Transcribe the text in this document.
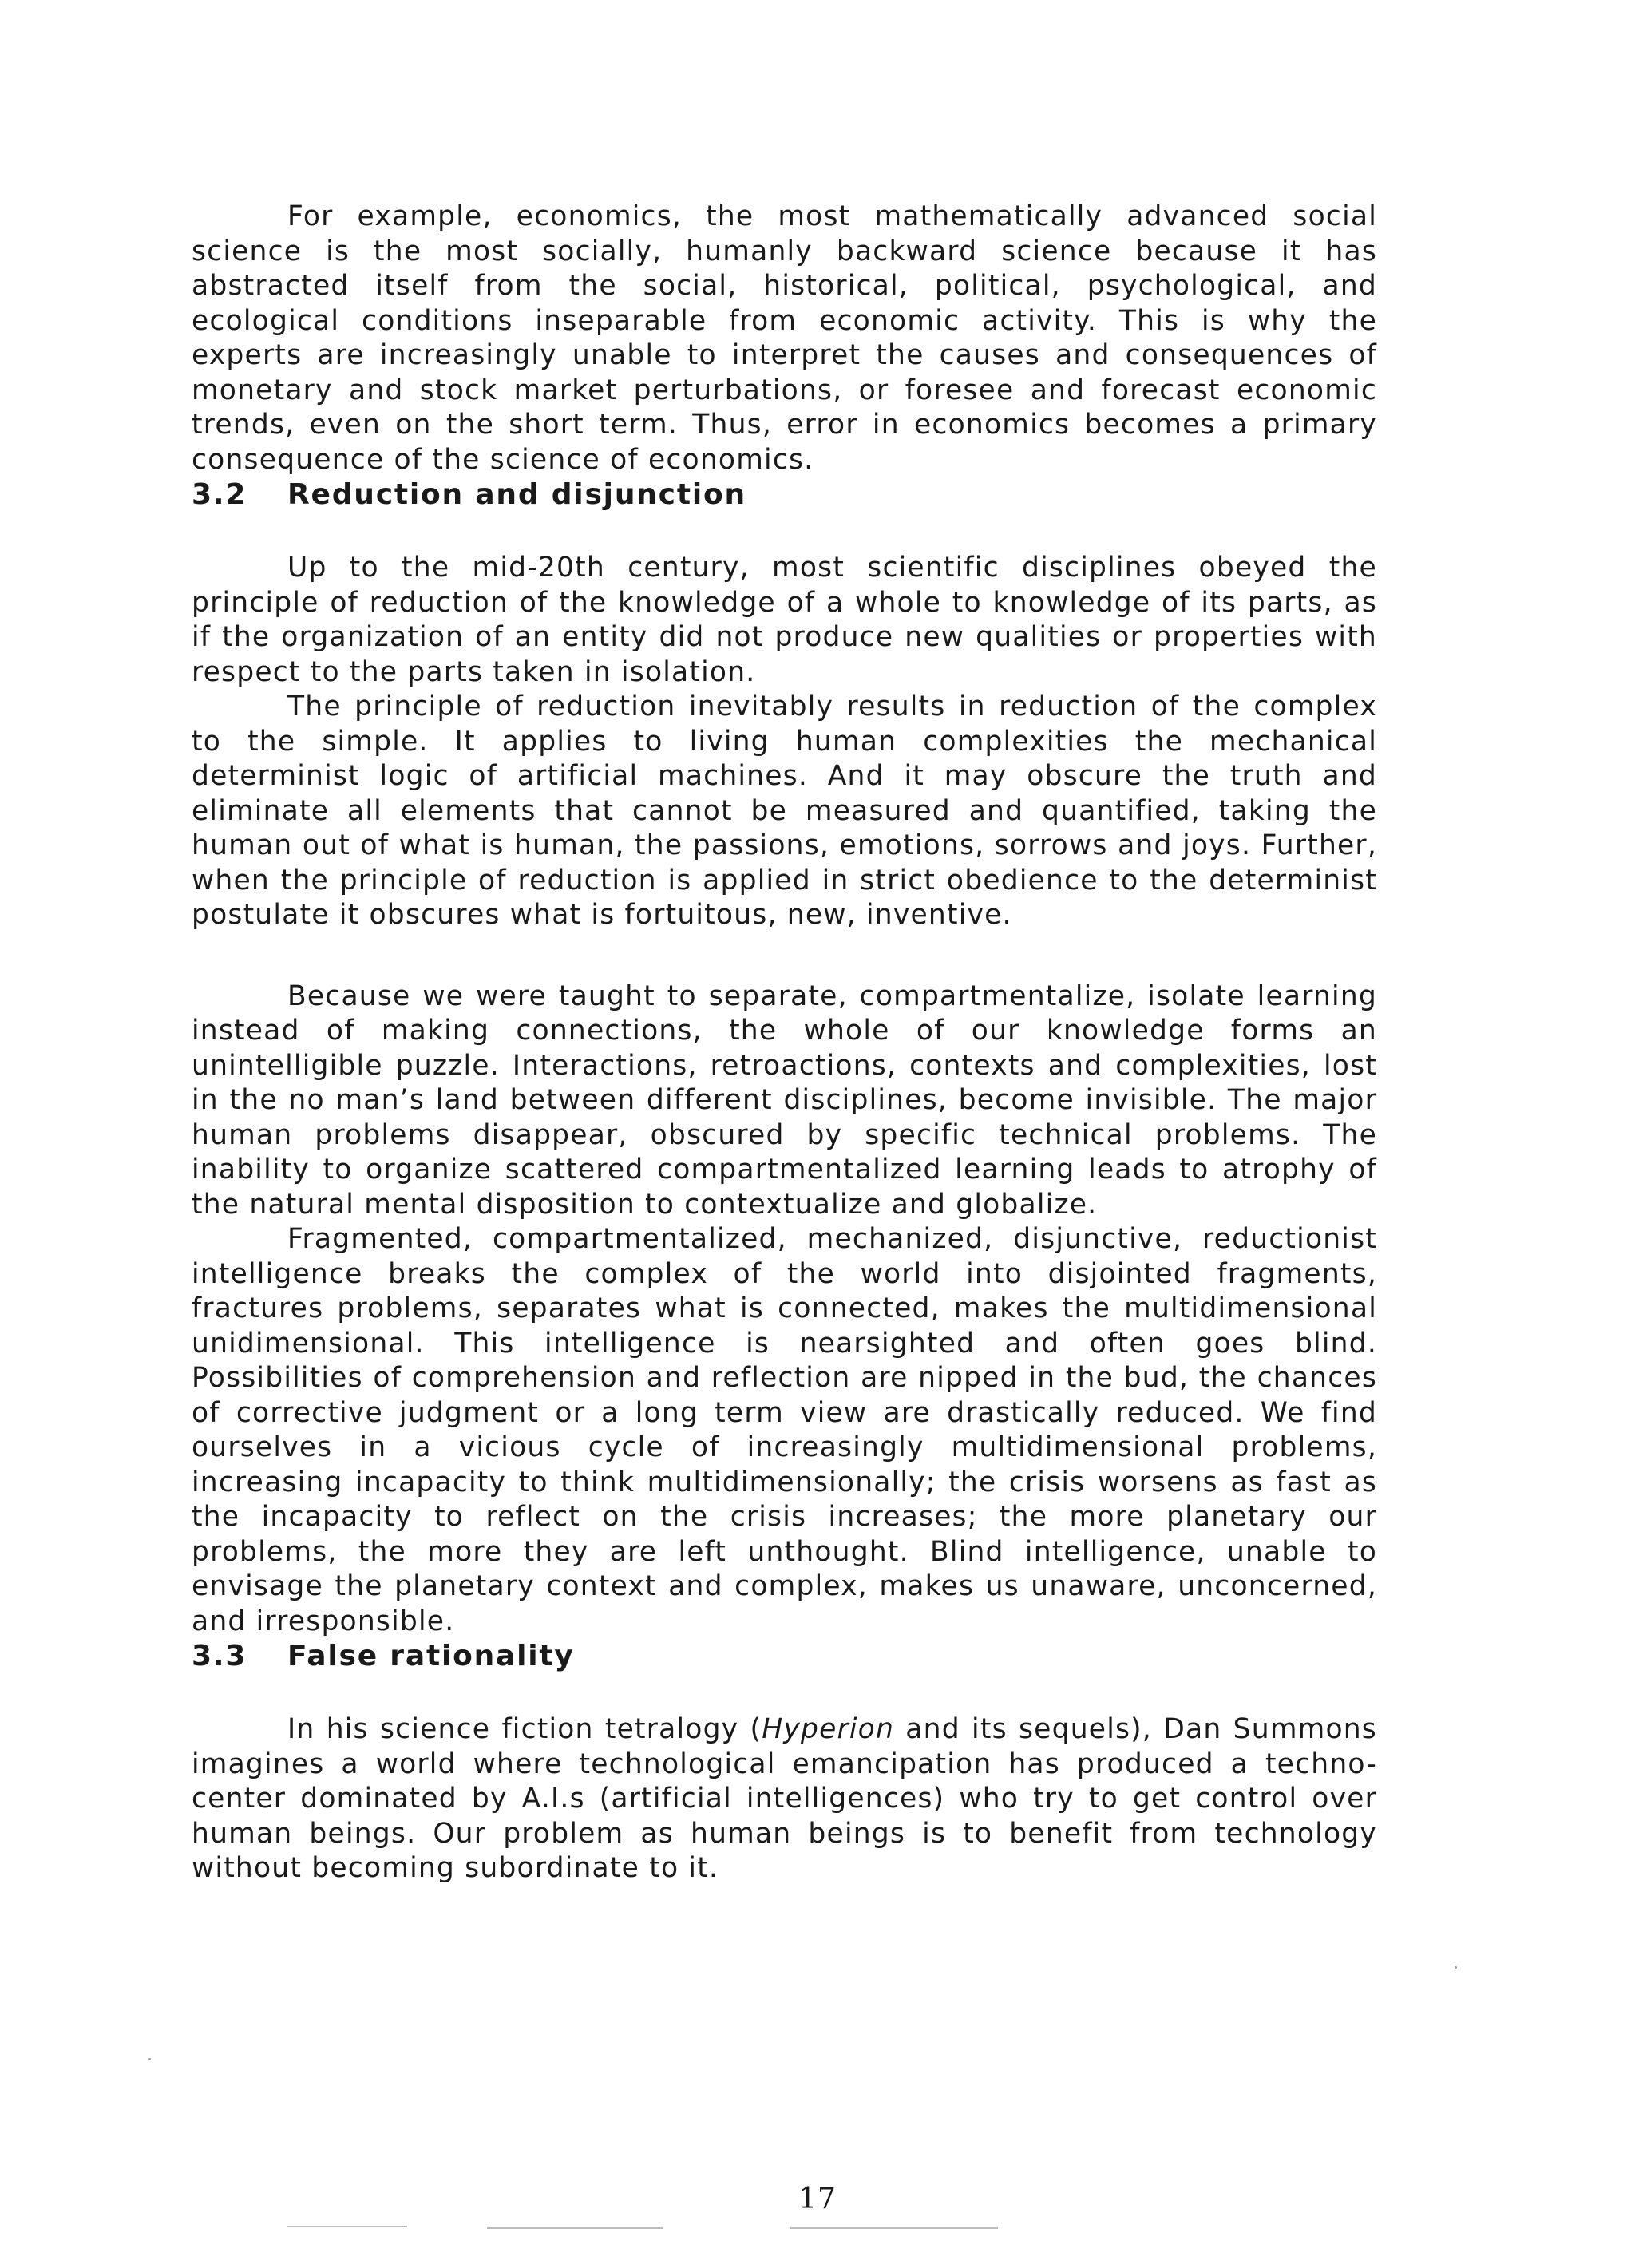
For example, economics, the most mathematically advanced social science is the most socially, humanly backward science because it has abstracted itself from the social, historical, political, psychological, and ecological conditions inseparable from economic activity. This is why the experts are increasingly unable to interpret the causes and consequences of monetary and stock market perturbations, or foresee and forecast economic trends, even on the short term. Thus, error in economics becomes a primary consequence of the science of economics.

3.2 Reduction and disjunction

Up to the mid-20th century, most scientific disciplines obeyed the principle of reduction of the knowledge of a whole to knowledge of its parts, as if the organization of an entity did not produce new qualities or properties with respect to the parts taken in isolation.

The principle of reduction inevitably results in reduction of the complex to the simple. It applies to living human complexities the mechanical determinist logic of artificial machines. And it may obscure the truth and eliminate all elements that cannot be measured and quantified, taking the human out of what is human, the passions, emotions, sorrows and joys. Further, when the principle of reduction is applied in strict obedience to the determinist postulate it obscures what is fortuitous, new, inventive.

Because we were taught to separate, compartmentalize, isolate learning instead of making connections, the whole of our knowledge forms an unintelligible puzzle. Interactions, retroactions, contexts and complexities, lost in the no man’s land between different disciplines, become invisible. The major human problems disappear, obscured by specific technical problems. The inability to organize scattered compartmentalized learning leads to atrophy of the natural mental disposition to contextualize and globalize.

Fragmented, compartmentalized, mechanized, disjunctive, reductionist intelligence breaks the complex of the world into disjointed fragments, fractures problems, separates what is connected, makes the multidimensional unidimensional. This intelligence is nearsighted and often goes blind. Possibilities of comprehension and reflection are nipped in the bud, the chances of corrective judgment or a long term view are drastically reduced. We find ourselves in a vicious cycle of increasingly multidimensional problems, increasing incapacity to think multidimensionally; the crisis worsens as fast as the incapacity to reflect on the crisis increases; the more planetary our problems, the more they are left unthought. Blind intelligence, unable to envisage the planetary context and complex, makes us unaware, unconcerned, and irresponsible.

3.3 False rationality

In his science fiction tetralogy (Hyperion and its sequels), Dan Summons imagines a world where technological emancipation has produced a techno-center dominated by A.I.s (artificial intelligences) who try to get control over human beings. Our problem as human beings is to benefit from technology without becoming subordinate to it.

17
